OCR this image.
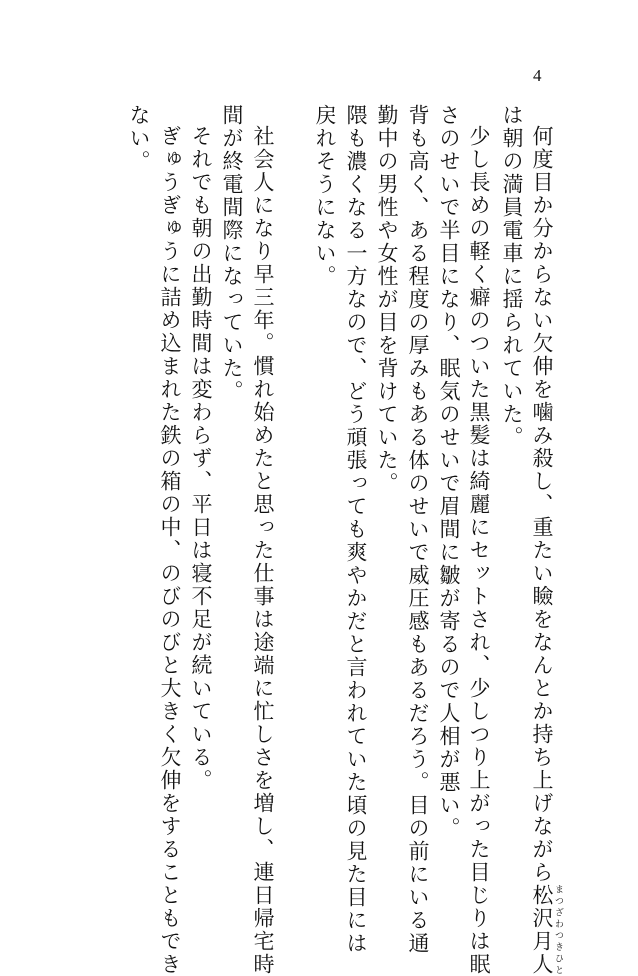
4
何度目か分からない欠伸を噛み殺し、重たい瞼をなんとか持ち上げながら松沢月人 まつざわつきひと
は朝の満員電車に揺られていた。
少し長めの軽く癖のついた黒髪は綺麗にセットされ、少しつり上がった目じりは眠
さのせいで半目になり、眠気のせいで眉間に皺が寄るので人相が悪い。
背も高く、ある程度の厚みもある体のせいで威圧感もあるだろう。目の前にいる通
勤中の男性や女性が目を背けていた。
隈も濃くなる一方なので、どう頑張っても爽やかだと言われていた頃の見た目には
戻れそうにない。
社会人になり早三年。慣れ始めたと思った仕事は途端に忙しさを増し、連日帰宅時
間が終電間際になっていた。
それでも朝の出勤時間は変わらず、平日は寝不足が続いている。
ぎゅうぎゅうに詰め込まれた鉄の箱の中、のびのびと大きく欠伸をすることもでき
ない。
